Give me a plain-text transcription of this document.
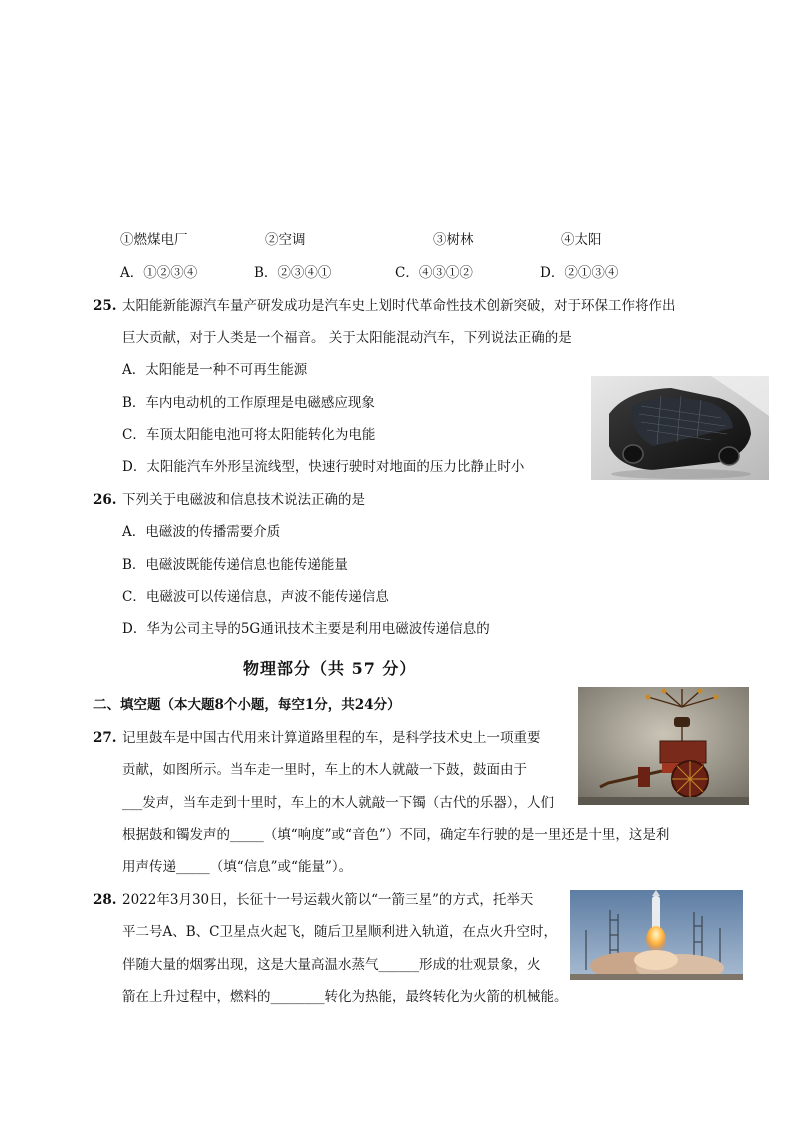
①燃煤电厂	②空调	③树林	④太阳
A．①②③④	B．②③④①	C．④③①②	D．②①③④
25. 太阳能新能源汽车量产研发成功是汽车史上划时代革命性技术创新突破，对于环保工作将作出
巨大贡献，对于人类是一个福音。 关于太阳能混动汽车，下列说法正确的是
A．太阳能是一种不可再生能源
B．车内电动机的工作原理是电磁感应现象
C．车顶太阳能电池可将太阳能转化为电能
D．太阳能汽车外形呈流线型，快速行驶时对地面的压力比静止时小
26. 下列关于电磁波和信息技术说法正确的是
A．电磁波的传播需要介质
B．电磁波既能传递信息也能传递能量
C．电磁波可以传递信息，声波不能传递信息
D．华为公司主导的5G通讯技术主要是利用电磁波传递信息的
物理部分（共 57 分）
二、填空题（本大题8个小题，每空1分，共24分）
27. 记里鼓车是中国古代用来计算道路里程的车，是科学技术史上一项重要
贡献，如图所示。当车走一里时，车上的木人就敲一下鼓，鼓面由于
___发声，当车走到十里时，车上的木人就敲一下镯（古代的乐器），人们
根据鼓和镯发声的_____（填“响度”或“音色”）不同，确定车行驶的是一里还是十里，这是利
用声传递_____（填“信息”或“能量”）。
28. 2022年3月30日，长征十一号运载火箭以“一箭三星”的方式，托举天
平二号A、B、C卫星点火起飞，随后卫星顺利进入轨道，在点火升空时，
伴随大量的烟雾出现，这是大量高温水蒸气______形成的壮观景象，火
箭在上升过程中，燃料的________转化为热能，最终转化为火箭的机械能。
